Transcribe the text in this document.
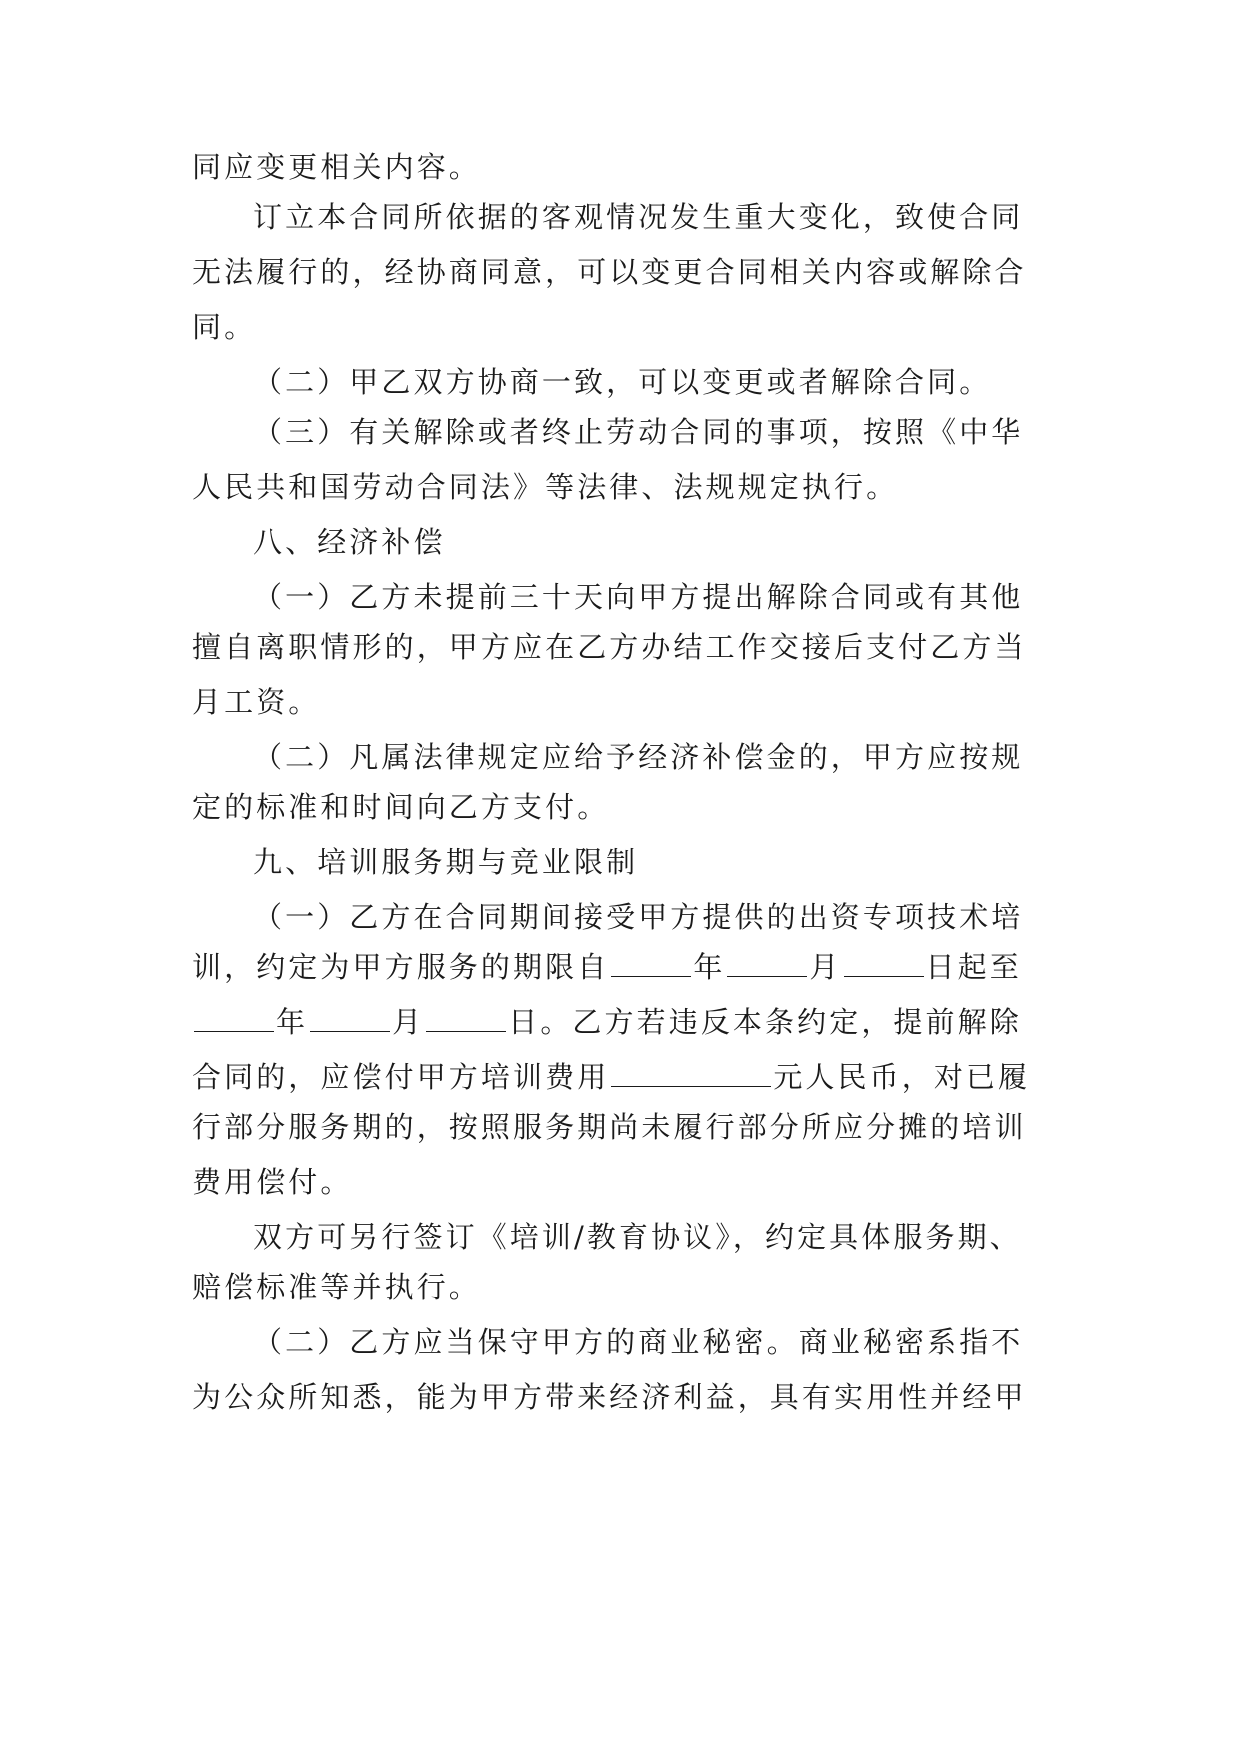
同应变更相关内容。
订立本合同所依据的客观情况发生重大变化，致使合同
无法履行的，经协商同意，可以变更合同相关内容或解除合
同。
（二）甲乙双方协商一致，可以变更或者解除合同。
（三）有关解除或者终止劳动合同的事项，按照《中华
人民共和国劳动合同法》等法律、法规规定执行。
八、经济补偿
（一）乙方未提前三十天向甲方提出解除合同或有其他
擅自离职情形的，甲方应在乙方办结工作交接后支付乙方当
月工资。
（二）凡属法律规定应给予经济补偿金的，甲方应按规
定的标准和时间向乙方支付。
九、培训服务期与竞业限制
（一）乙方在合同期间接受甲方提供的出资专项技术培
训，约定为甲方服务的期限自	年	月	日起至
年	月	日。乙方若违反本条约定，提前解除
合同的，应偿付甲方培训费用	元人民币，对已履
行部分服务期的，按照服务期尚未履行部分所应分摊的培训
费用偿付。
双方可另行签订《培训/教育协议》，约定具体服务期、
赔偿标准等并执行。
（二）乙方应当保守甲方的商业秘密。商业秘密系指不
为公众所知悉，能为甲方带来经济利益，具有实用性并经甲
